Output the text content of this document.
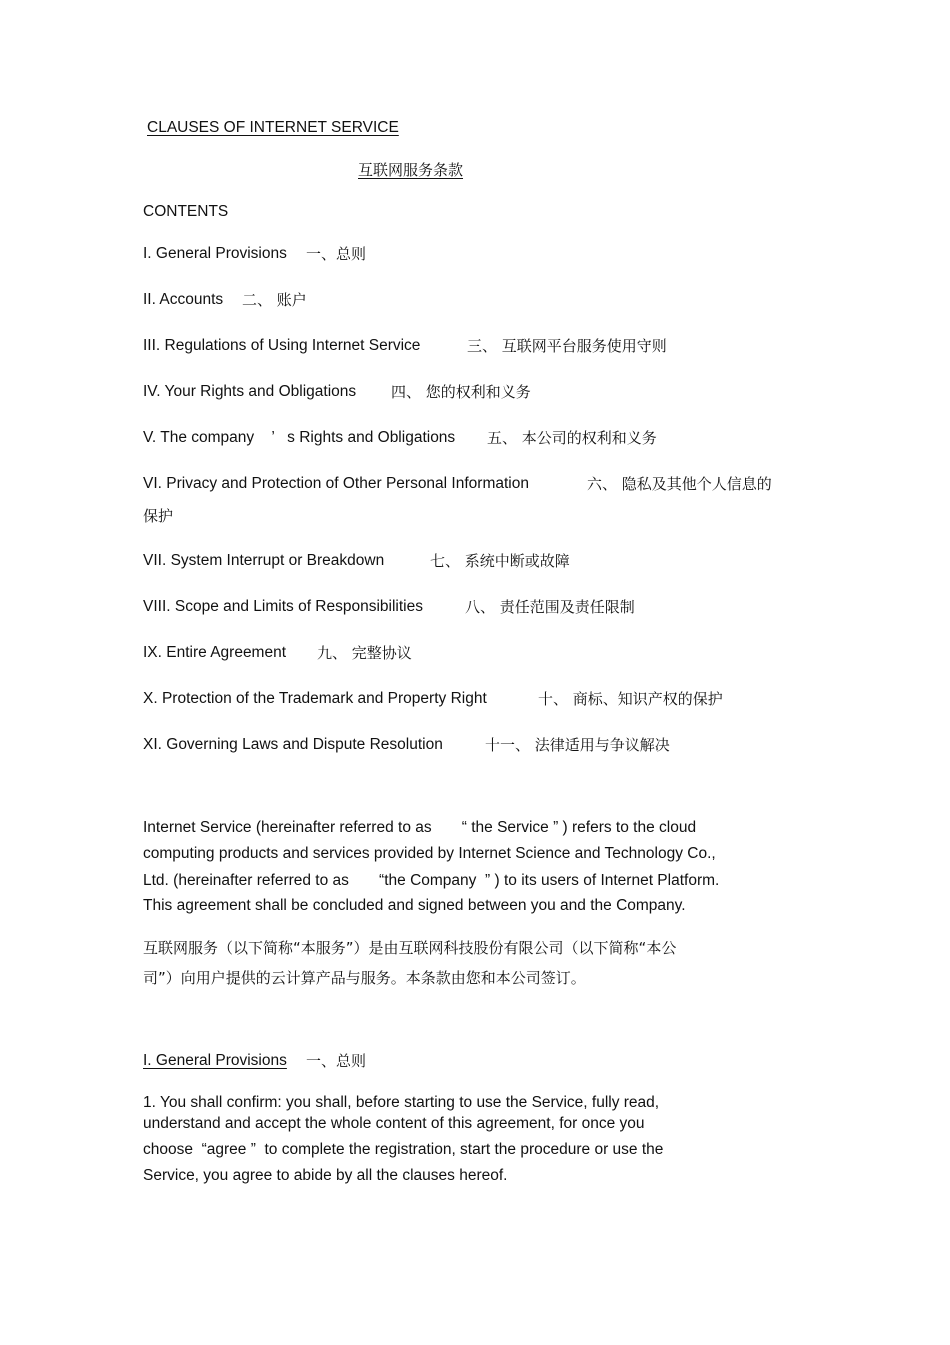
CLAUSES OF INTERNET SERVICE
互联网服务条款
CONTENTS
I. General Provisions 一、总则
II. Accounts 二、 账户
III. Regulations of Using Internet Service	三、 互联网平台服务使用守则
IV. Your Rights and Obligations 四、 您的权利和义务
V. The company    ’   s Rights and Obligations 五、 本公司的权利和义务
VI. Privacy and Protection of Other Personal Information	六、 隐私及其他个人信息的
保护
VII. System Interrupt or Breakdown	七、 系统中断或故障
VIII. Scope and Limits of Responsibilities	八、 责任范围及责任限制
IX. Entire Agreement 九、 完整协议
X. Protection of the Trademark and Property Right	十、 商标、知识产权的保护
XI. Governing Laws and Dispute Resolution	十一、 法律适用与争议解决
Internet Service (hereinafter referred to as       “ the Service ” ) refers to the cloud
computing products and services provided by Internet Science and Technology Co.,
Ltd. (hereinafter referred to as       “the Company  ” ) to its users of Internet Platform.
This agreement shall be concluded and signed between you and the Company.
互联网服务（以下简称“本服务”）是由互联网科技股份有限公司（以下简称“本公
司”）向用户提供的云计算产品与服务。本条款由您和本公司签订。
I. General Provisions 一、总则
1. You shall confirm: you shall, before starting to use the Service, fully read,
understand and accept the whole content of this agreement, for once you
choose  “agree ”  to complete the registration, start the procedure or use the
Service, you agree to abide by all the clauses hereof.
